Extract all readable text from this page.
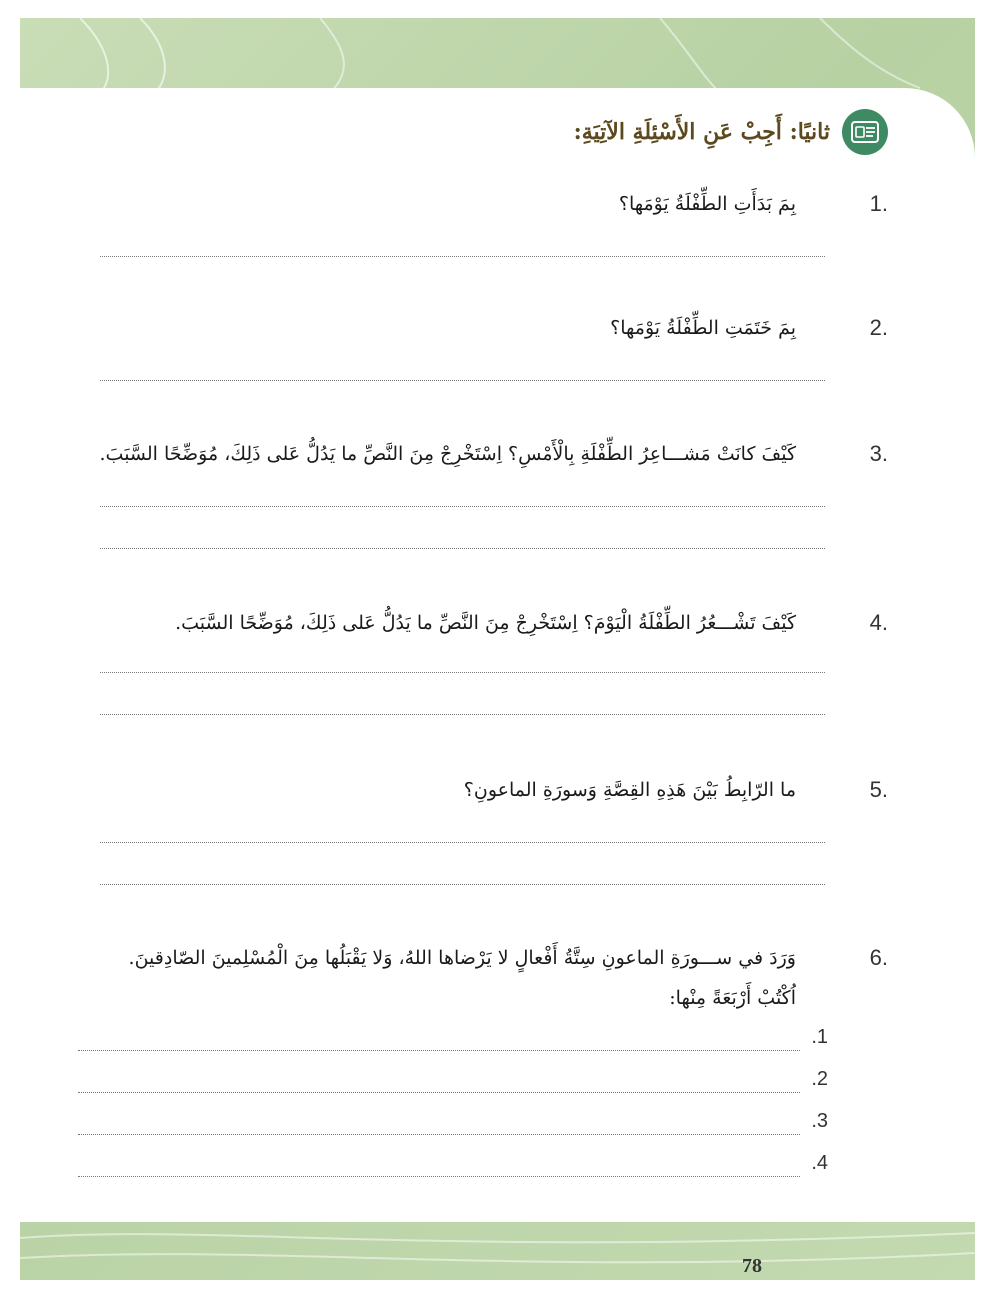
ثانيًا: أَجِبْ عَنِ الأَسْئِلَةِ الآتِيَةِ:
1.
بِمَ بَدَأَتِ الطِّفْلَةُ يَوْمَها؟
2.
بِمَ خَتَمَتِ الطِّفْلَةُ يَوْمَها؟
3.
كَيْفَ كانَتْ مَشـــاعِرُ الطِّفْلَةِ بِالْأَمْسِ؟ اِسْتَخْرِجْ مِنَ النَّصِّ ما يَدُلُّ عَلى ذَلِكَ، مُوَضِّحًا السَّبَبَ.
4.
كَيْفَ تَشْـــعُرُ الطِّفْلَةُ الْيَوْمَ؟ اِسْتَخْرِجْ مِنَ النَّصِّ ما يَدُلُّ عَلى ذَلِكَ، مُوَضِّحًا السَّبَبَ.
5.
ما الرّابِطُ بَيْنَ هَذِهِ القِصَّةِ وَسورَةِ الماعونِ؟
6.
وَرَدَ في ســـورَةِ الماعونِ سِتَّةُ أَفْعالٍ لا يَرْضاها اللهُ، وَلا يَقْبَلُها مِنَ الْمُسْلِمينَ الصّادِقينَ. اُكْتُبْ أَرْبَعَةً مِنْها:
1.
2.
3.
4.
78
